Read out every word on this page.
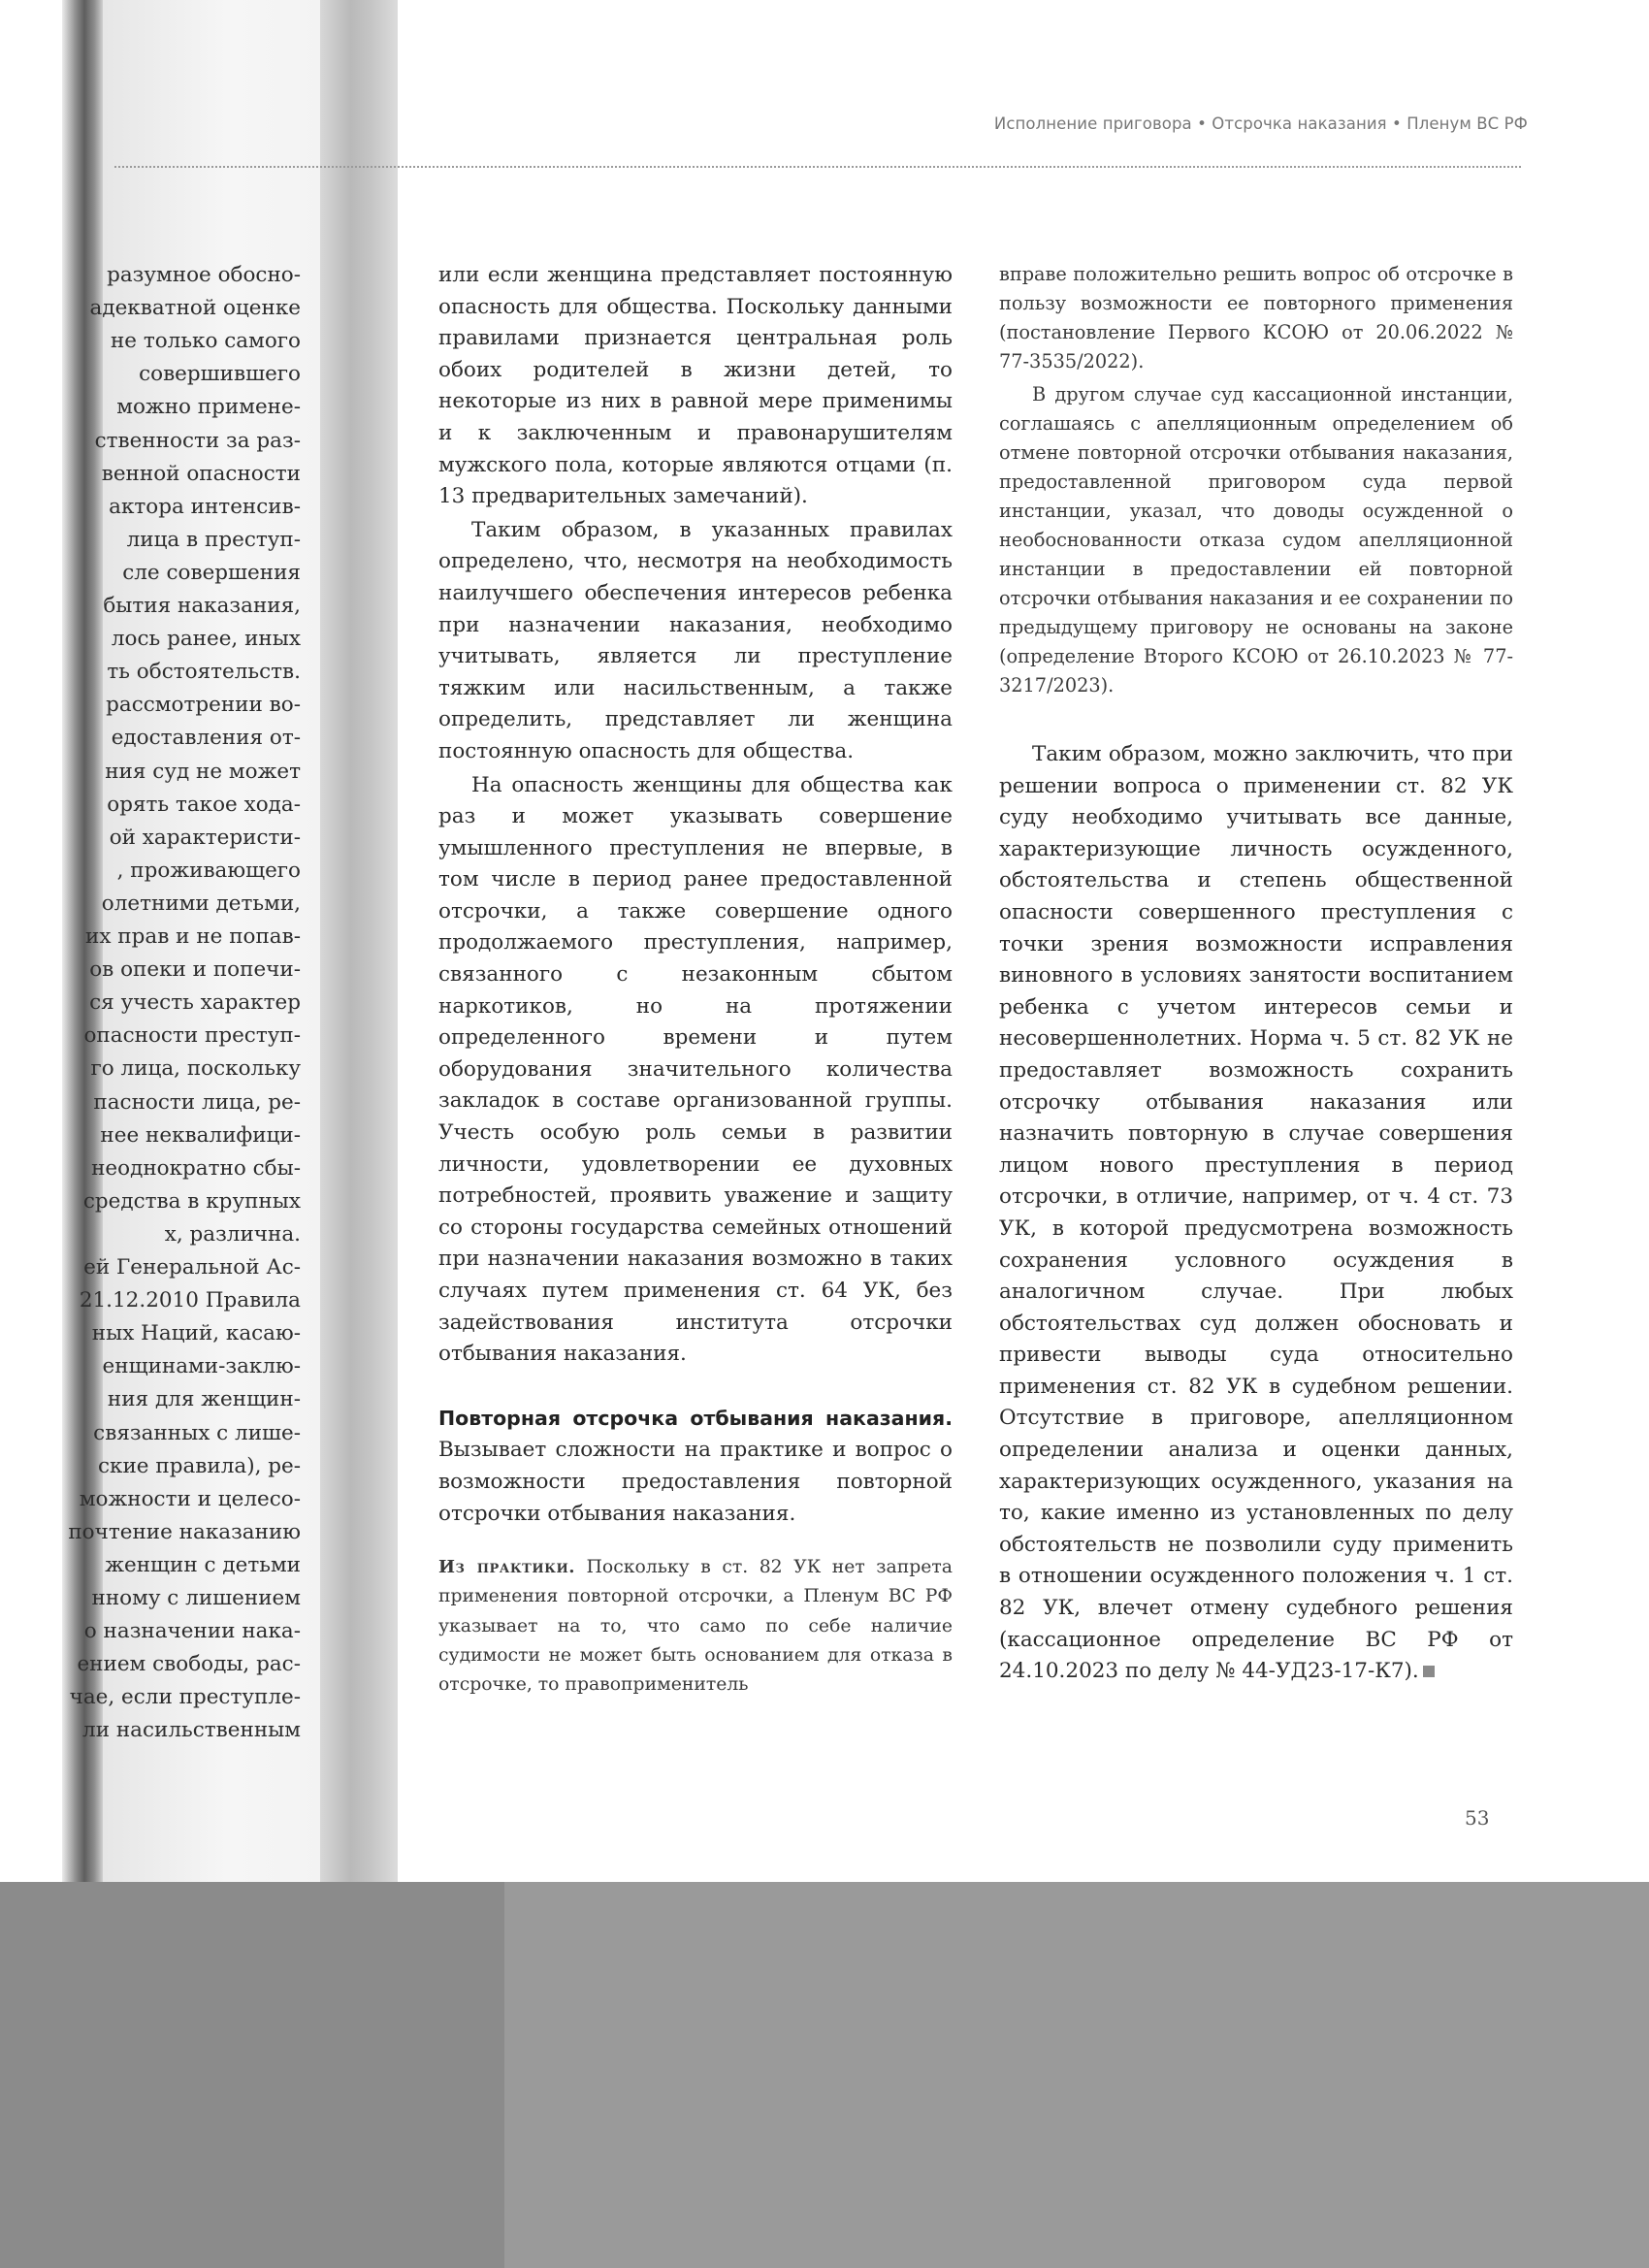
Исполнение приговора • Отсрочка наказания • Пленум ВС РФ
разумное обосно-
адекватной оценке
не только самого
совершившего
можно примене-
ственности за раз-
венной опасности
актора интенсив-
лица в преступ-
сле совершения
бытия наказания,
лось ранее, иных
ть обстоятельств.
рассмотрении во-
едоставления от-
ния суд не может
орять такое хода-
ой характеристи-
, проживающего
олетними детьми,
их прав и не попав-
ов опеки и попечи-
ся учесть характер
опасности преступ-
го лица, поскольку
пасности лица, ре-
нее неквалифици-
неоднократно сбы-
средства в крупных
х, различна.
ей Генеральной Ас-
21.12.2010 Правила
ных Наций, касаю-
енщинами-заклю-
ния для женщин-
связанных с лише-
ские правила), ре-
можности и целесо-
почтение наказанию
женщин с детьми
нному с лишением
о назначении нака-
ением свободы, рас-
чае, если преступле-
ли насильственным

или если женщина представляет постоянную опасность для общества. Поскольку данными правилами признается центральная роль обоих родителей в жизни детей, то некоторые из них в равной мере применимы и к заключенным и правонарушителям мужского пола, которые являются отцами (п. 13 предварительных замечаний).

Таким образом, в указанных правилах определено, что, несмотря на необходимость наилучшего обеспечения интересов ребенка при назначении наказания, необходимо учитывать, является ли преступление тяжким или насильственным, а также определить, представляет ли женщина постоянную опасность для общества.

На опасность женщины для общества как раз и может указывать совершение умышленного преступления не впервые, в том числе в период ранее предоставленной отсрочки, а также совершение одного продолжаемого преступления, например, связанного с незаконным сбытом наркотиков, но на протяжении определенного времени и путем оборудования значительного количества закладок в составе организованной группы. Учесть особую роль семьи в развитии личности, удовлетворении ее духовных потребностей, проявить уважение и защиту со стороны государства семейных отношений при назначении наказания возможно в таких случаях путем применения ст. 64 УК, без задействования института отсрочки отбывания наказания.

Повторная отсрочка отбывания наказания. Вызывает сложности на практике и вопрос о возможности предоставления повторной отсрочки отбывания наказания.

Из практики. Поскольку в ст. 82 УК нет запрета применения повторной отсрочки, а Пленум ВС РФ указывает на то, что само по себе наличие судимости не может быть основанием для отказа в отсрочке, то правоприменитель

вправе положительно решить вопрос об отсрочке в пользу возможности ее повторного применения (постановление Первого КСОЮ от 20.06.2022 № 77-3535/2022).

В другом случае суд кассационной инстанции, соглашаясь с апелляционным определением об отмене повторной отсрочки отбывания наказания, предоставленной приговором суда первой инстанции, указал, что доводы осужденной о необоснованности отказа судом апелляционной инстанции в предоставлении ей повторной отсрочки отбывания наказания и ее сохранении по предыдущему приговору не основаны на законе (определение Второго КСОЮ от 26.10.2023 № 77-3217/2023).

Таким образом, можно заключить, что при решении вопроса о применении ст. 82 УК суду необходимо учитывать все данные, характеризующие личность осужденного, обстоятельства и степень общественной опасности совершенного преступления с точки зрения возможности исправления виновного в условиях занятости воспитанием ребенка с учетом интересов семьи и несовершеннолетних. Норма ч. 5 ст. 82 УК не предоставляет возможность сохранить отсрочку отбывания наказания или назначить повторную в случае совершения лицом нового преступления в период отсрочки, в отличие, например, от ч. 4 ст. 73 УК, в которой предусмотрена возможность сохранения условного осуждения в аналогичном случае. При любых обстоятельствах суд должен обосновать и привести выводы суда относительно применения ст. 82 УК в судебном решении. Отсутствие в приговоре, апелляционном определении анализа и оценки данных, характеризующих осужденного, указания на то, какие именно из установленных по делу обстоятельств не позволили суду применить в отношении осужденного положения ч. 1 ст. 82 УК, влечет отмену судебного решения (кассационное определение ВС РФ от 24.10.2023 по делу № 44-УД23-17-К7).

53
